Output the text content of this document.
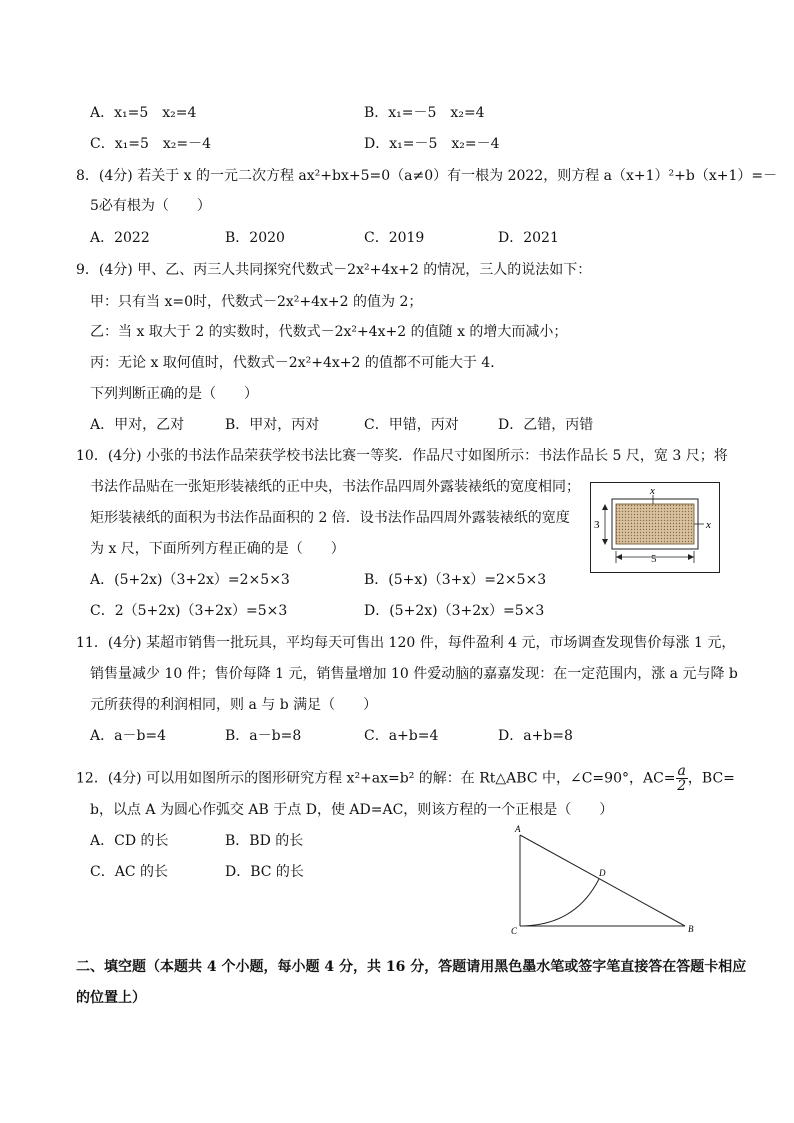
A．x₁=5　x₂=4	B．x₁=－5　x₂=4
C．x₁=5　x₂=－4	D．x₁=－5　x₂=－4
8．(4分) 若关于 x 的一元二次方程 ax²+bx+5=0（a≠0）有一根为 2022，则方程 a（x+1）²+b（x+1）=－
5必有根为（　　）
A．2022	B．2020	C．2019	D．2021
9．(4分) 甲、乙、丙三人共同探究代数式－2x²+4x+2 的情况，三人的说法如下：
甲：只有当 x=0时，代数式－2x²+4x+2 的值为 2；
乙：当 x 取大于 2 的实数时，代数式－2x²+4x+2 的值随 x 的增大而减小；
丙：无论 x 取何值时，代数式－2x²+4x+2 的值都不可能大于 4．
下列判断正确的是（　　）
A．甲对，乙对	B．甲对，丙对	C．甲错，丙对	D．乙错，丙错
10．(4分) 小张的书法作品荣获学校书法比赛一等奖．作品尺寸如图所示：书法作品长 5 尺，宽 3 尺；将
书法作品贴在一张矩形装裱纸的正中央，书法作品四周外露装裱纸的宽度相同；
矩形装裱纸的面积为书法作品面积的 2 倍．设书法作品四周外露装裱纸的宽度
为 x 尺，下面所列方程正确的是（　　）
x
x
3
5
A．(5+2x)（3+2x）=2×5×3	B．(5+x)（3+x）=2×5×3
C．2（5+2x)（3+2x）=5×3	D．(5+2x)（3+2x）=5×3
11．(4分) 某超市销售一批玩具，平均每天可售出 120 件，每件盈利 4 元，市场调查发现售价每涨 1 元，
销售量减少 10 件；售价每降 1 元，销售量增加 10 件爱动脑的嘉嘉发现：在一定范围内，涨 a 元与降 b
元所获得的利润相同，则 a 与 b 满足（　　）
A．a－b=4	B．a－b=8	C．a+b=4	D．a+b=8
12．(4分) 可以用如图所示的图形研究方程 x²+ax=b² 的解：在 Rt△ABC 中，∠C=90°，$AC= \frac{a}{2}$ ，BC=
b，以点 A 为圆心作弧交 AB 于点 D，使 AD=AC，则该方程的一个正根是（　　）
A．CD 的长	B．BD 的长
C．AC 的长	D．BC 的长
A
B
C
D
二、填空题（本题共 4 个小题，每小题 4 分，共 16 分，答题请用黑色墨水笔或签字笔直接答在答题卡相应
的位置上）
